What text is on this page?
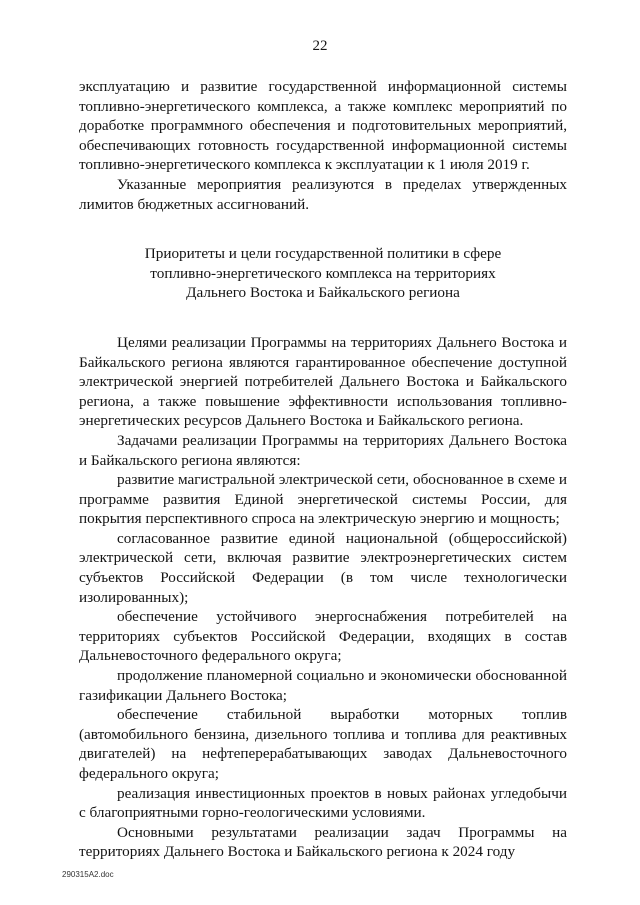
22

эксплуатацию и развитие государственной информационной системы топливно-энергетического комплекса, а также комплекс мероприятий по доработке программного обеспечения и подготовительных мероприятий, обеспечивающих готовность государственной информационной системы топливно-энергетического комплекса к эксплуатации к 1 июля 2019 г.

Указанные мероприятия реализуются в пределах утвержденных лимитов бюджетных ассигнований.

Приоритеты и цели государственной политики в сфере
топливно-энергетического комплекса на территориях
Дальнего Востока и Байкальского региона

Целями реализации Программы на территориях Дальнего Востока и Байкальского региона являются гарантированное обеспечение доступной электрической энергией потребителей Дальнего Востока и Байкальского региона, а также повышение эффективности использования топливно-энергетических ресурсов Дальнего Востока и Байкальского региона.

Задачами реализации Программы на территориях Дальнего Востока и Байкальского региона являются:

развитие магистральной электрической сети, обоснованное в схеме и программе развития Единой энергетической системы России, для покрытия перспективного спроса на электрическую энергию и мощность;

согласованное развитие единой национальной (общероссийской) электрической сети, включая развитие электроэнергетических систем субъектов Российской Федерации (в том числе технологически изолированных);

обеспечение устойчивого энергоснабжения потребителей на территориях субъектов Российской Федерации, входящих в состав Дальневосточного федерального округа;

продолжение планомерной социально и экономически обоснованной газификации Дальнего Востока;

обеспечение стабильной выработки моторных топлив (автомобильного бензина, дизельного топлива и топлива для реактивных двигателей) на нефтеперерабатывающих заводах Дальневосточного федерального округа;

реализация инвестиционных проектов в новых районах угледобычи с благоприятными горно-геологическими условиями.

Основными результатами реализации задач Программы на территориях Дальнего Востока и Байкальского региона к 2024 году

290315A2.doc
